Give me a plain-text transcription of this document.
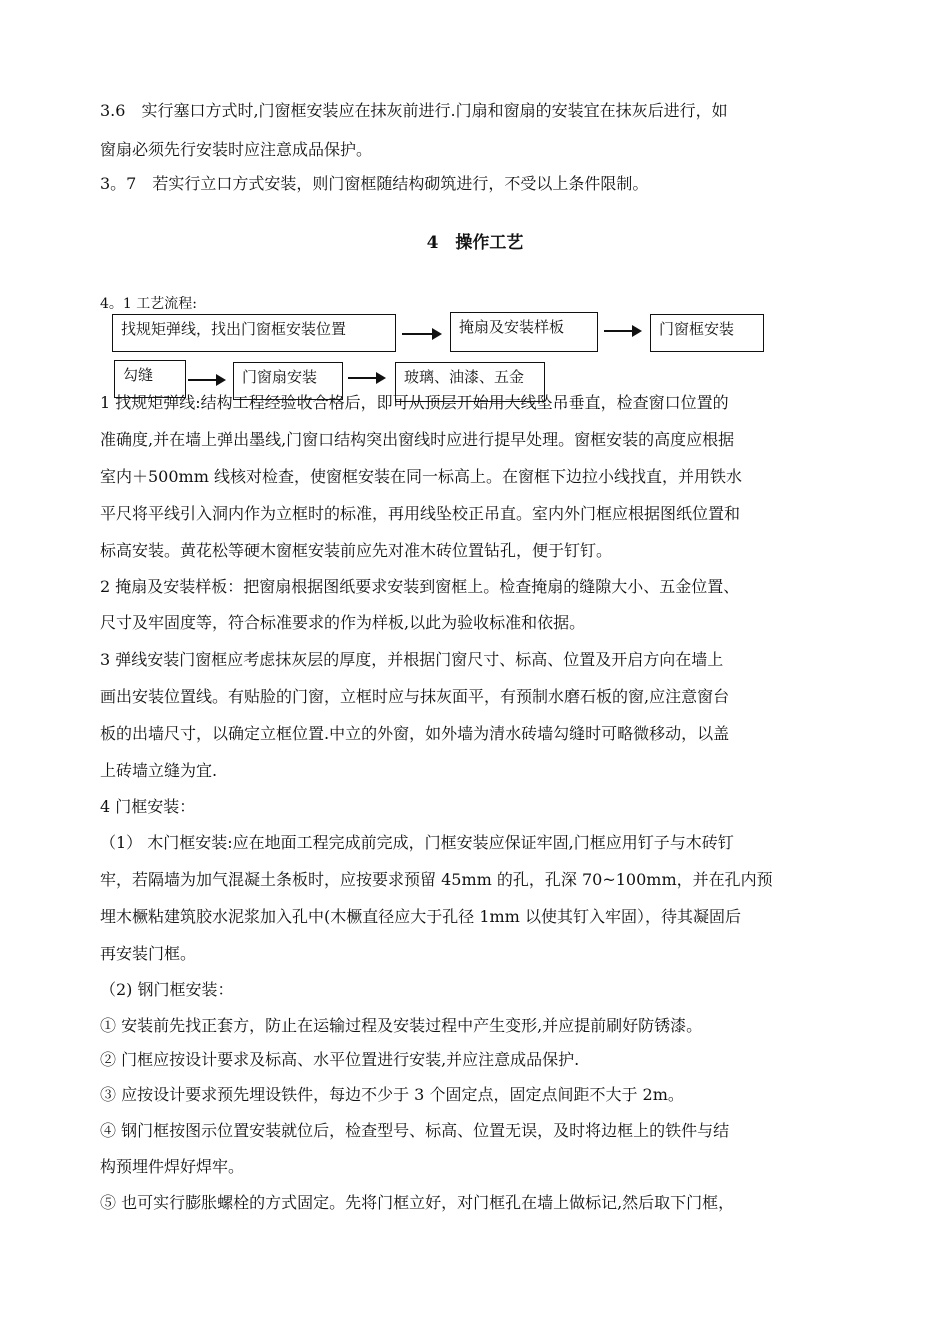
3.6　实行塞口方式时,门窗框安装应在抹灰前进行.门扇和窗扇的安装宜在抹灰后进行，如
窗扇必须先行安装时应注意成品保护。
3。7　若实行立口方式安装，则门窗框随结构砌筑进行，不受以上条件限制。
4　操作工艺
4。1 工艺流程:
找规矩弹线，找出门窗框安装位置	掩扇及安装样板	门窗框安装
勾缝	门窗扇安装	玻璃、油漆、五金
1 找规矩弹线:结构工程经验收合格后，即可从顶层开始用大线坠吊垂直，检查窗口位置的
准确度,并在墙上弹出墨线,门窗口结构突出窗线时应进行提早处理。窗框安装的高度应根据
室内＋500mm 线核对检查，使窗框安装在同一标高上。在窗框下边拉小线找直，并用铁水
平尺将平线引入洞内作为立框时的标准，再用线坠校正吊直。室内外门框应根据图纸位置和
标高安装。黄花松等硬木窗框安装前应先对准木砖位置钻孔，便于钉钉。
2 掩扇及安装样板：把窗扇根据图纸要求安装到窗框上。检查掩扇的缝隙大小、五金位置、
尺寸及牢固度等，符合标准要求的作为样板,以此为验收标准和依据。
3 弹线安装门窗框应考虑抹灰层的厚度，并根据门窗尺寸、标高、位置及开启方向在墙上
画出安装位置线。有贴脸的门窗，立框时应与抹灰面平，有预制水磨石板的窗,应注意窗台
板的出墙尺寸，以确定立框位置.中立的外窗，如外墙为清水砖墙勾缝时可略微移动，以盖
上砖墙立缝为宜.
4 门框安装：
（1） 木门框安装:应在地面工程完成前完成，门框安装应保证牢固,门框应用钉子与木砖钉
牢，若隔墙为加气混凝土条板时，应按要求预留 45mm 的孔，孔深 70~100mm，并在孔内预
埋木橛粘建筑胶水泥浆加入孔中(木橛直径应大于孔径 1mm 以使其钉入牢固），待其凝固后
再安装门框。
（2) 钢门框安装：
① 安装前先找正套方，防止在运输过程及安装过程中产生变形,并应提前刷好防锈漆。
② 门框应按设计要求及标高、水平位置进行安装,并应注意成品保护.
③ 应按设计要求预先埋设铁件，每边不少于 3 个固定点，固定点间距不大于 2m。
④ 钢门框按图示位置安装就位后，检查型号、标高、位置无误，及时将边框上的铁件与结
构预埋件焊好焊牢。
⑤ 也可实行膨胀螺栓的方式固定。先将门框立好，对门框孔在墙上做标记,然后取下门框，
